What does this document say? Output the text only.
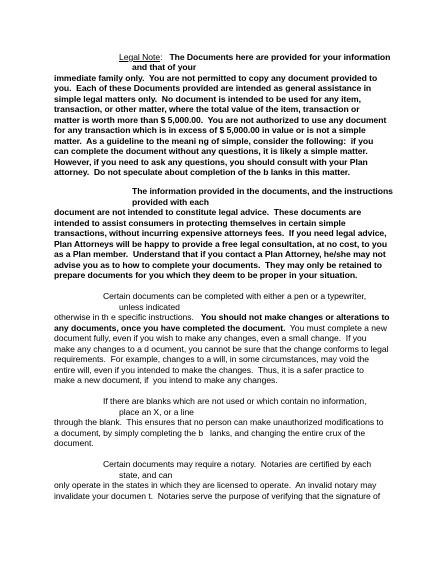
Legal Note: The Documents here are provided for your information
and that of your
immediate family only.  You are not permitted to copy any document provided to
you.  Each of these Documents provided are intended as general assistance in
simple legal matters only.  No document is intended to be used for any item,
transaction, or other matter, where the total value of the item, transaction or
matter is worth more than $ 5,000.00.  You are not authorized to use any document
for any transaction which is in excess of $ 5,000.00 in value or is not a simple
matter.  As a guideline to the meani ng of simple, consider the following:  if you
can complete the document without any questions, it is likely a simple matter.
However, if you need to ask any questions, you should consult with your Plan
attorney.  Do not speculate about completion of the b lanks in this matter.
The information provided in the documents, and the instructions
provided with each
document are not intended to constitute legal advice.  These documents are
intended to assist consumers in protecting themselves in certain simple
transactions, without incurring expensive attorneys fees.  If you need legal advice,
Plan Attorneys will be happy to provide a free legal consultation, at no cost, to you
as a Plan member.  Understand that if you contact a Plan Attorney, he/she may not
advise you as to how to complete your documents.  They may only be retained to
prepare documents for you which they deem to be proper in your situation.
Certain documents can be completed with either a pen or a typewriter,
unless indicated
otherwise in th e specific instructions.   You should not make changes or alterations to
any documents, once you have completed the document.  You must complete a new
document fully, even if you wish to make any changes, even a small change.  If you
make any changes to a d ocument, you cannot be sure that the change conforms to legal
requirements.  For example, changes to a will, in some circumstances, may void the
entire will, even if you intended to make the changes.  Thus, it is a safer practice to
make a new document, if  you intend to make any changes.
If there are blanks which are not used or which contain no information,
place an X, or a line
through the blank.  This ensures that no person can make unauthorized modifications to
a document, by simply completing the b   lanks, and changing the entire crux of the
document.
Certain documents may require a notary.  Notaries are certified by each
state, and can
only operate in the states in which they are licensed to operate.  An invalid notary may
invalidate your documen t.  Notaries serve the purpose of verifying that the signature of
